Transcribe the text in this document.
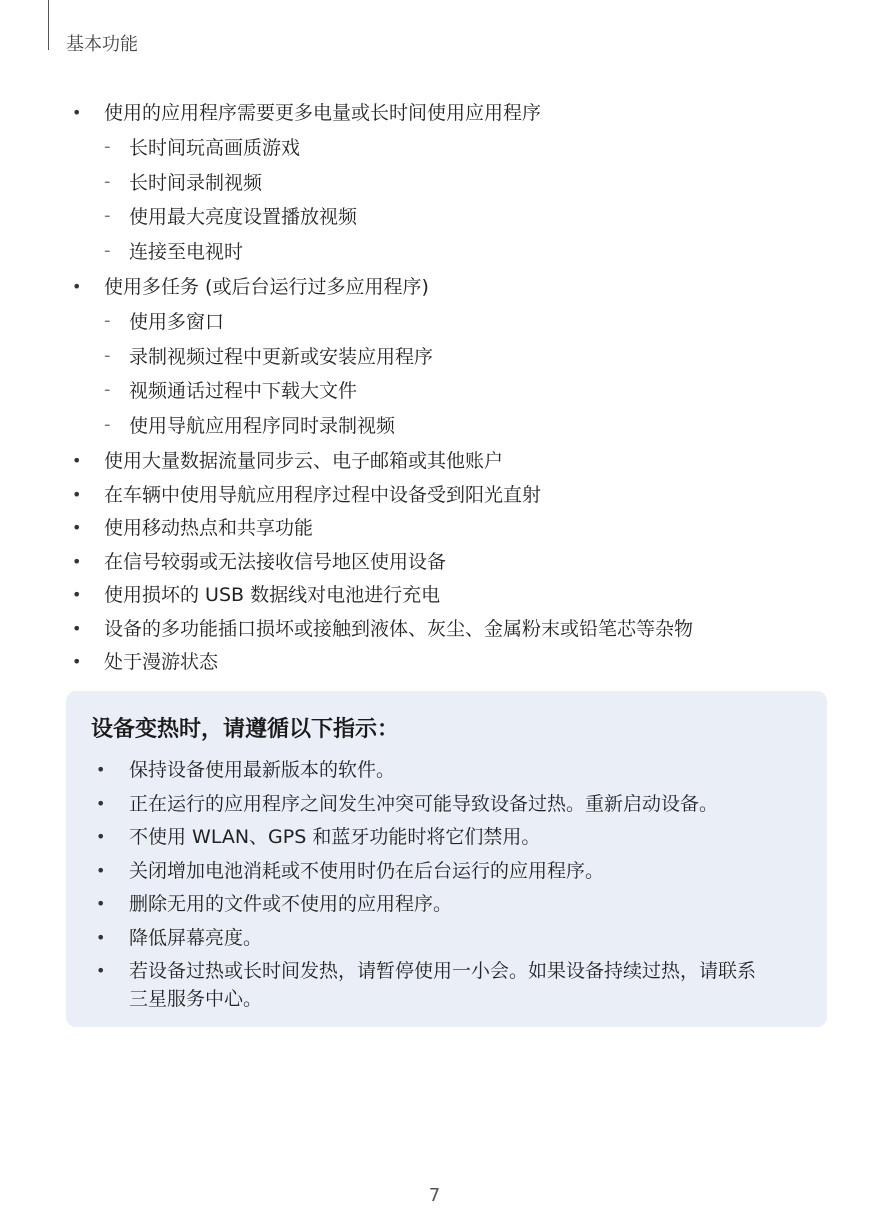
基本功能
• 使用的应用程序需要更多电量或长时间使用应用程序
- 长时间玩高画质游戏
- 长时间录制视频
- 使用最大亮度设置播放视频
- 连接至电视时
• 使用多任务 (或后台运行过多应用程序)
- 使用多窗口
- 录制视频过程中更新或安装应用程序
- 视频通话过程中下载大文件
- 使用导航应用程序同时录制视频
• 使用大量数据流量同步云、电子邮箱或其他账户
• 在车辆中使用导航应用程序过程中设备受到阳光直射
• 使用移动热点和共享功能
• 在信号较弱或无法接收信号地区使用设备
• 使用损坏的 USB 数据线对电池进行充电
• 设备的多功能插口损坏或接触到液体、灰尘、金属粉末或铅笔芯等杂物
• 处于漫游状态
设备变热时，请遵循以下指示：
• 保持设备使用最新版本的软件。
• 正在运行的应用程序之间发生冲突可能导致设备过热。重新启动设备。
• 不使用 WLAN、GPS 和蓝牙功能时将它们禁用。
• 关闭增加电池消耗或不使用时仍在后台运行的应用程序。
• 删除无用的文件或不使用的应用程序。
• 降低屏幕亮度。
• 若设备过热或长时间发热，请暂停使用一小会。如果设备持续过热，请联系
三星服务中心。
7
